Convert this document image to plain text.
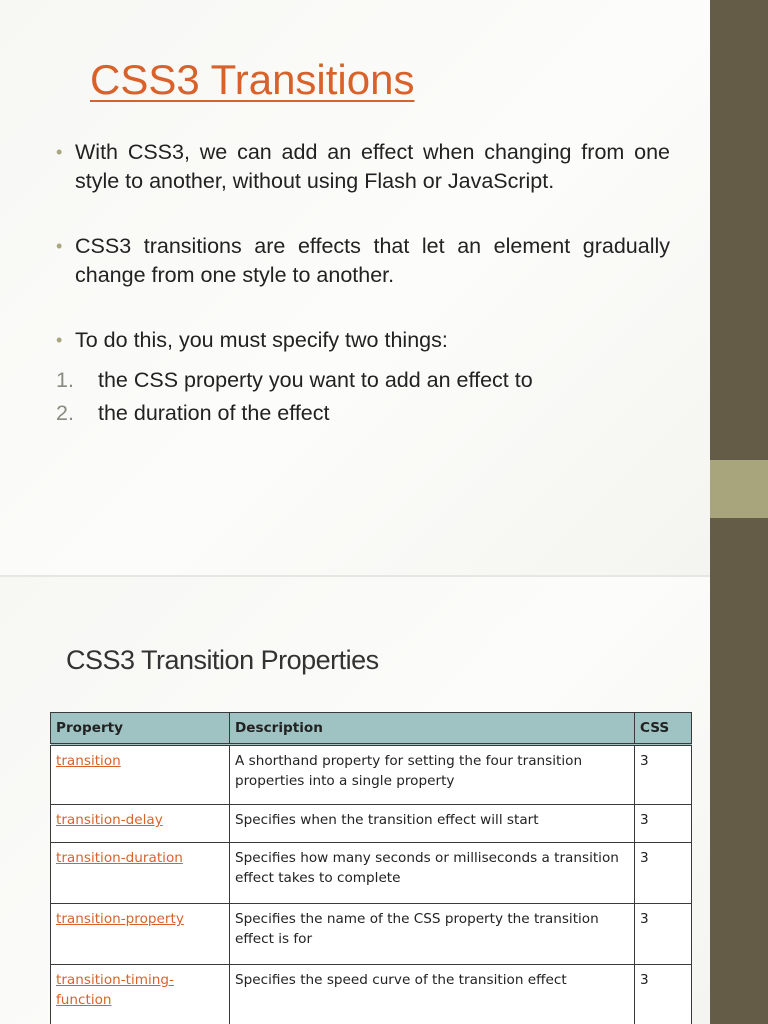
CSS3 Transitions
• With CSS3, we can add an effect when changing from one style to another, without using Flash or JavaScript.
• CSS3 transitions are effects that let an element gradually change from one style to another.
• To do this, you must specify two things:
1. the CSS property you want to add an effect to
2. the duration of the effect
CSS3 Transition Properties
Property	Description	CSS
transition	A shorthand property for setting the four transition properties into a single property	3
transition-delay	Specifies when the transition effect will start	3
transition-duration	Specifies how many seconds or milliseconds a transition effect takes to complete	3
transition-property	Specifies the name of the CSS property the transition effect is for	3
transition-timing-function	Specifies the speed curve of the transition effect	3
